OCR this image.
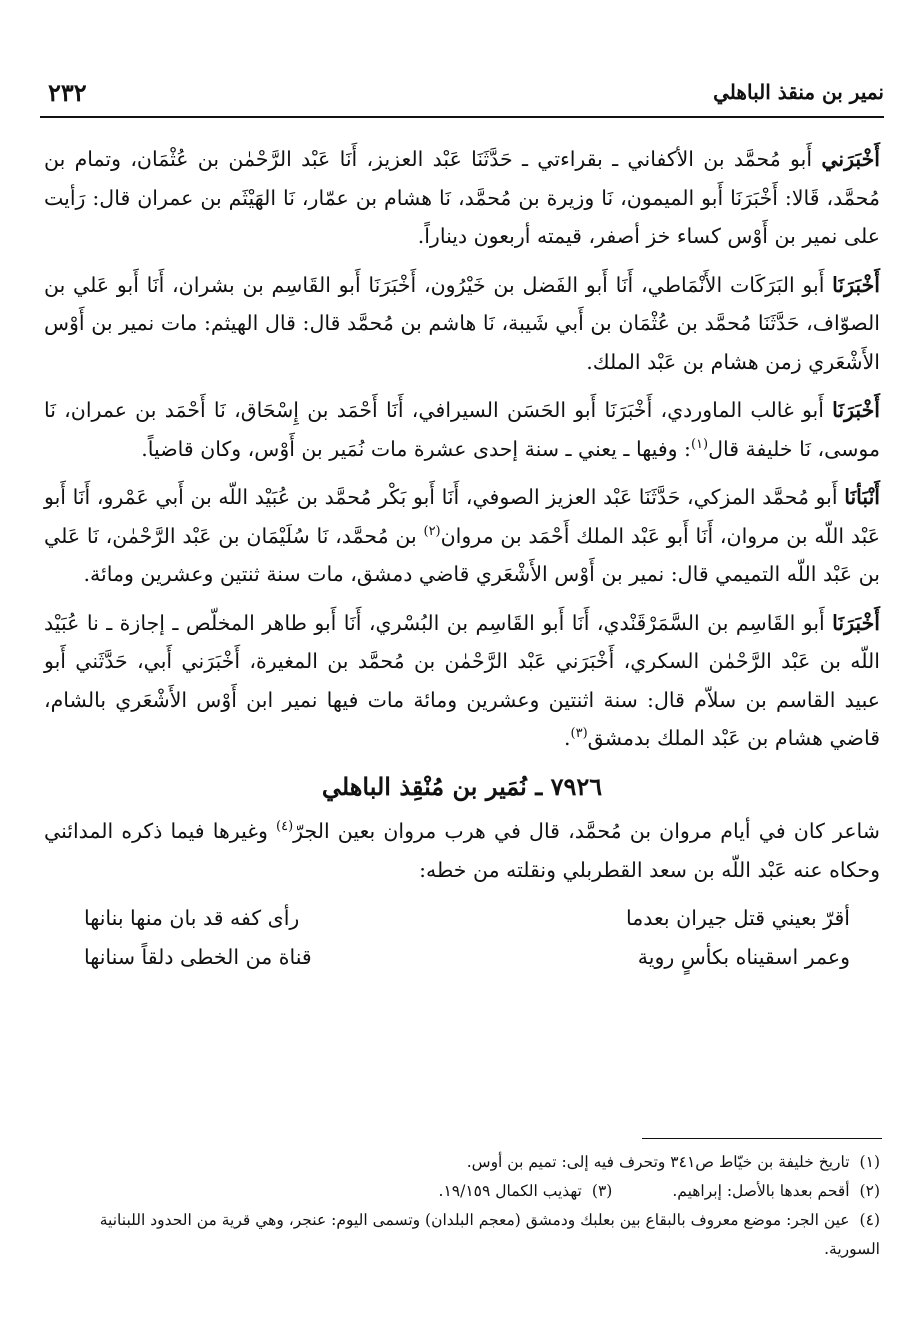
نمير بن منقذ الباهلي
٢٣٢

أَخْبَرَني أَبو مُحمَّد بن الأكفاني ـ بقراءتي ـ حَدَّثَنَا عَبْد العزيز، أَنَا عَبْد الرَّحْمٰن بن عُثْمَان، وتمام بن مُحمَّد، قَالا: أَخْبَرَنَا أَبو الميمون، نَا وزيرة بن مُحمَّد، نَا هشام بن عمّار، نَا الهَيْثَم بن عمران قال: رَأيت على نمير بن أَوْس كساء خز أصفر، قيمته أربعون ديناراً.

أَخْبَرَنَا أَبو البَرَكَات الأَنْمَاطي، أَنَا أَبو الفَضل بن خَيْرُون، أَخْبَرَنَا أَبو القَاسِم بن بشران، أَنَا أَبو عَلي بن الصوّاف، حَدَّثَنَا مُحمَّد بن عُثْمَان بن أَبي شَيبة، نَا هاشم بن مُحمَّد قال: قال الهيثم: مات نمير بن أَوْس الأَشْعَري زمن هشام بن عَبْد الملك.

أَخْبَرَنَا أَبو غالب الماوردي، أَخْبَرَنَا أَبو الحَسَن السيرافي، أَنَا أَحْمَد بن إِسْحَاق، نَا أَحْمَد بن عمران، نَا موسى، نَا خليفة قال$^{(١)}$: وفيها ـ يعني ـ سنة إحدى عشرة مات نُمَير بن أَوْس، وكان قاضياً.

أَنْبَأنَا أَبو مُحمَّد المزكي، حَدَّثَنَا عَبْد العزيز الصوفي، أَنَا أَبو بَكْر مُحمَّد بن عُبَيْد اللّه بن أَبي عَمْرو، أَنَا أَبو عَبْد اللّه بن مروان، أَنَا أَبو عَبْد الملك أَحْمَد بن مروان$^{(٢)}$ بن مُحمَّد، نَا سُلَيْمَان بن عَبْد الرَّحْمٰن، نَا عَلي بن عَبْد اللّه التميمي قال: نمير بن أَوْس الأَشْعَري قاضي دمشق، مات سنة ثنتين وعشرين ومائة.

أَخْبَرَنَا أَبو القَاسِم بن السَّمَرْقَنْدي، أَنَا أَبو القَاسِم بن البُسْري، أَنَا أَبو طاهر المخلّص ـ إجازة ـ نا عُبَيْد اللّه بن عَبْد الرَّحْمٰن السكري، أَخْبَرَني عَبْد الرَّحْمٰن بن مُحمَّد بن المغيرة، أَخْبَرَني أَبي، حَدَّثَني أَبو عبيد القاسم بن سلاّم قال: سنة اثنتين وعشرين ومائة مات فيها نمير ابن أَوْس الأَشْعَري بالشام، قاضي هشام بن عَبْد الملك بدمشق$^{(٣)}$.

٧٩٢٦ ـ نُمَير بن مُنْقِذ الباهلي

شاعر كان في أيام مروان بن مُحمَّد، قال في هرب مروان بعين الجرّ$^{(٤)}$ وغيرها فيما ذكره المدائني وحكاه عنه عَبْد اللّه بن سعد القطربلي ونقلته من خطه:

أقرّ بعيني قتل جيران بعدما
رأى كفه قد بان منها بنانها
وعمر اسقيناه بكأسٍ روية
قناة من الخطى دلقاً سنانها

(١)تاريخ خليفة بن خيّاط ص٣٤١ وتحرف فيه إلى: تميم بن أوس.

(٢)أقحم بعدها بالأصل: إبراهيم.
(٣)تهذيب الكمال ١٩/١٥٩.

(٤)عين الجر: موضع معروف بالبقاع بين بعلبك ودمشق (معجم البلدان) وتسمى اليوم: عنجر، وهي قرية من الحدود اللبنانية السورية.
